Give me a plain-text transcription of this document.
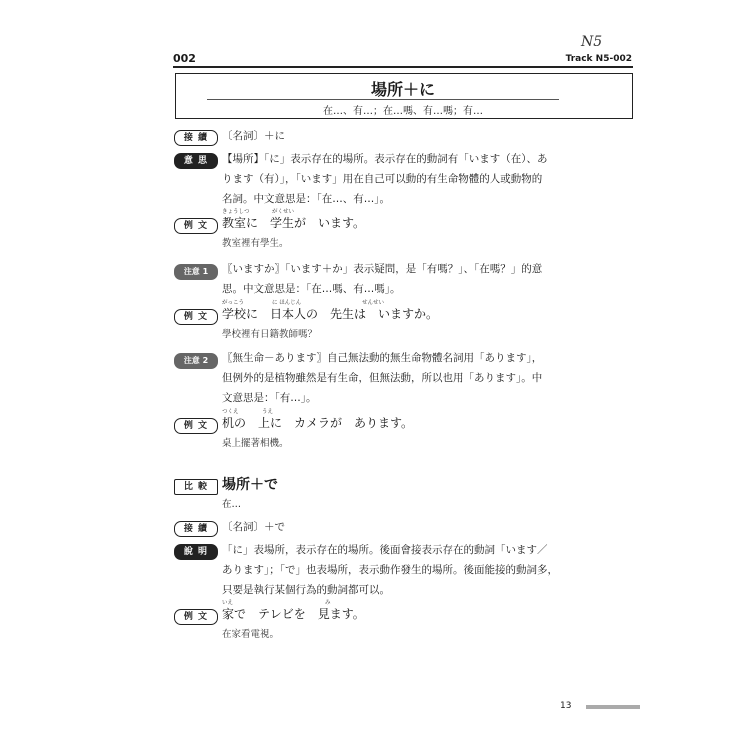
N5
002	Track N5-002
場所＋に
在…、有…；在…嗎、有…嗎；有…
接 續	〔名詞〕＋に
意 思	【場所】「に」表示存在的場所。表示存在的動詞有「います（在）、あ
ります（有）」，「います」用在自己可以動的有生命物體的人或動物的
名詞。中文意思是：「在…、有…」。
例 文
きょうしつ	がくせい
教室に　学生が　います。
教室裡有學生。
注意 1	〖いますか〗「います＋か」表示疑問，是「有嗎？」、「在嗎？」的意
思。中文意思是：「在…嗎、有…嗎」。
例 文
がっこう	に ほんじん	せんせい
学校に　日本人の　先生は　いますか。
學校裡有日籍教師嗎？
注意 2	〖無生命－あります〗自己無法動的無生命物體名詞用「あります」，
但例外的是植物雖然是有生命，但無法動，所以也用「あります」。中
文意思是：「有…」。
例 文
つくえ	うえ
机の　上に　カメラが　あります。
桌上擺著相機。
比 較 場所＋で
在…
接 續	〔名詞〕＋で
說 明	「に」表場所，表示存在的場所。後面會接表示存在的動詞「います／
あります」；「で」也表場所，表示動作發生的場所。後面能接的動詞多，
只要是執行某個行為的動詞都可以。
例 文
いえ	み
家で　テレビを　見ます。
在家看電視。
13
